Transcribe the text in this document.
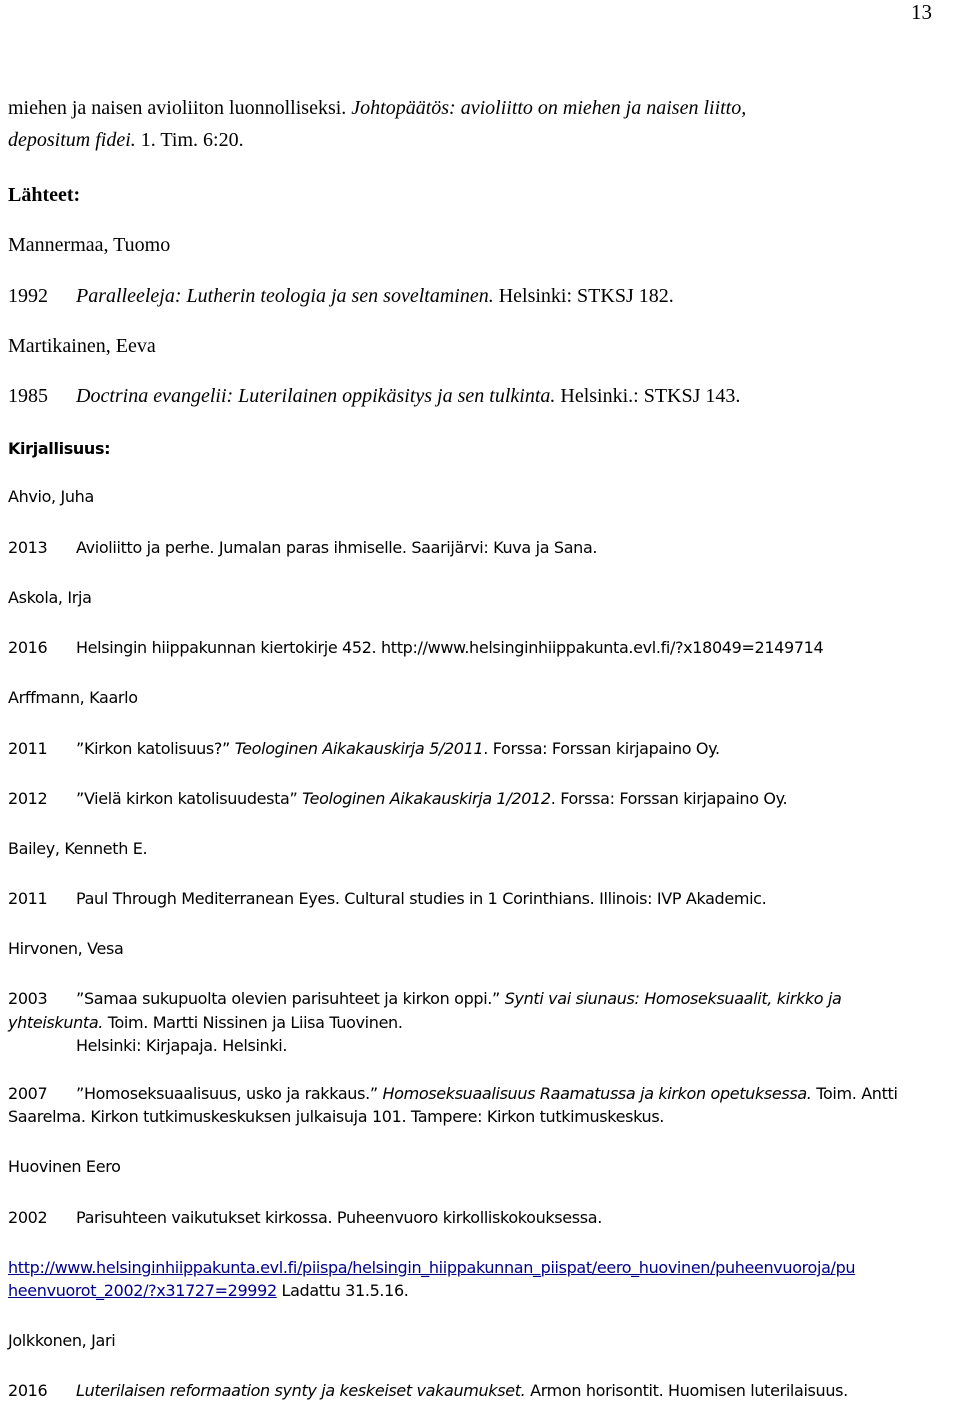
13
miehen ja naisen avioliiton luonnolliseksi. Johtopäätös: avioliitto on miehen ja naisen liitto,
depositum fidei. 1. Tim. 6:20.
Lähteet:
Mannermaa, Tuomo
1992 Paralleeleja: Lutherin teologia ja sen soveltaminen. Helsinki: STKSJ 182.
Martikainen, Eeva
1985 Doctrina evangelii: Luterilainen oppikäsitys ja sen tulkinta. Helsinki.: STKSJ 143.
Kirjallisuus:
Ahvio, Juha
2013 Avioliitto ja perhe. Jumalan paras ihmiselle. Saarijärvi: Kuva ja Sana.
Askola, Irja
2016 Helsingin hiippakunnan kiertokirje 452. http://www.helsinginhiippakunta.evl.fi/?x18049=2149714
Arffmann, Kaarlo
2011 ”Kirkon katolisuus?” Teologinen Aikakauskirja 5/2011. Forssa: Forssan kirjapaino Oy.
2012 ”Vielä kirkon katolisuudesta” Teologinen Aikakauskirja 1/2012. Forssa: Forssan kirjapaino Oy.
Bailey, Kenneth E.
2011 Paul Through Mediterranean Eyes. Cultural studies in 1 Corinthians. Illinois: IVP Akademic.
Hirvonen, Vesa
2003 ”Samaa sukupuolta olevien parisuhteet ja kirkon oppi.” Synti vai siunaus: Homoseksuaalit, kirkko ja
yhteiskunta. Toim. Martti Nissinen ja Liisa Tuovinen.
Helsinki: Kirjapaja. Helsinki.
2007 ”Homoseksuaalisuus, usko ja rakkaus.” Homoseksuaalisuus Raamatussa ja kirkon opetuksessa. Toim. Antti
Saarelma. Kirkon tutkimuskeskuksen julkaisuja 101. Tampere: Kirkon tutkimuskeskus.
Huovinen Eero
2002 Parisuhteen vaikutukset kirkossa. Puheenvuoro kirkolliskokouksessa.
http://www.helsinginhiippakunta.evl.fi/piispa/helsingin_hiippakunnan_piispat/eero_huovinen/puheenvuoroja/pu
heenvuorot_2002/?x31727=29992 Ladattu 31.5.16.
Jolkkonen, Jari
2016 Luterilaisen reformaation synty ja keskeiset vakaumukset. Armon horisontit. Huomisen luterilaisuus.
